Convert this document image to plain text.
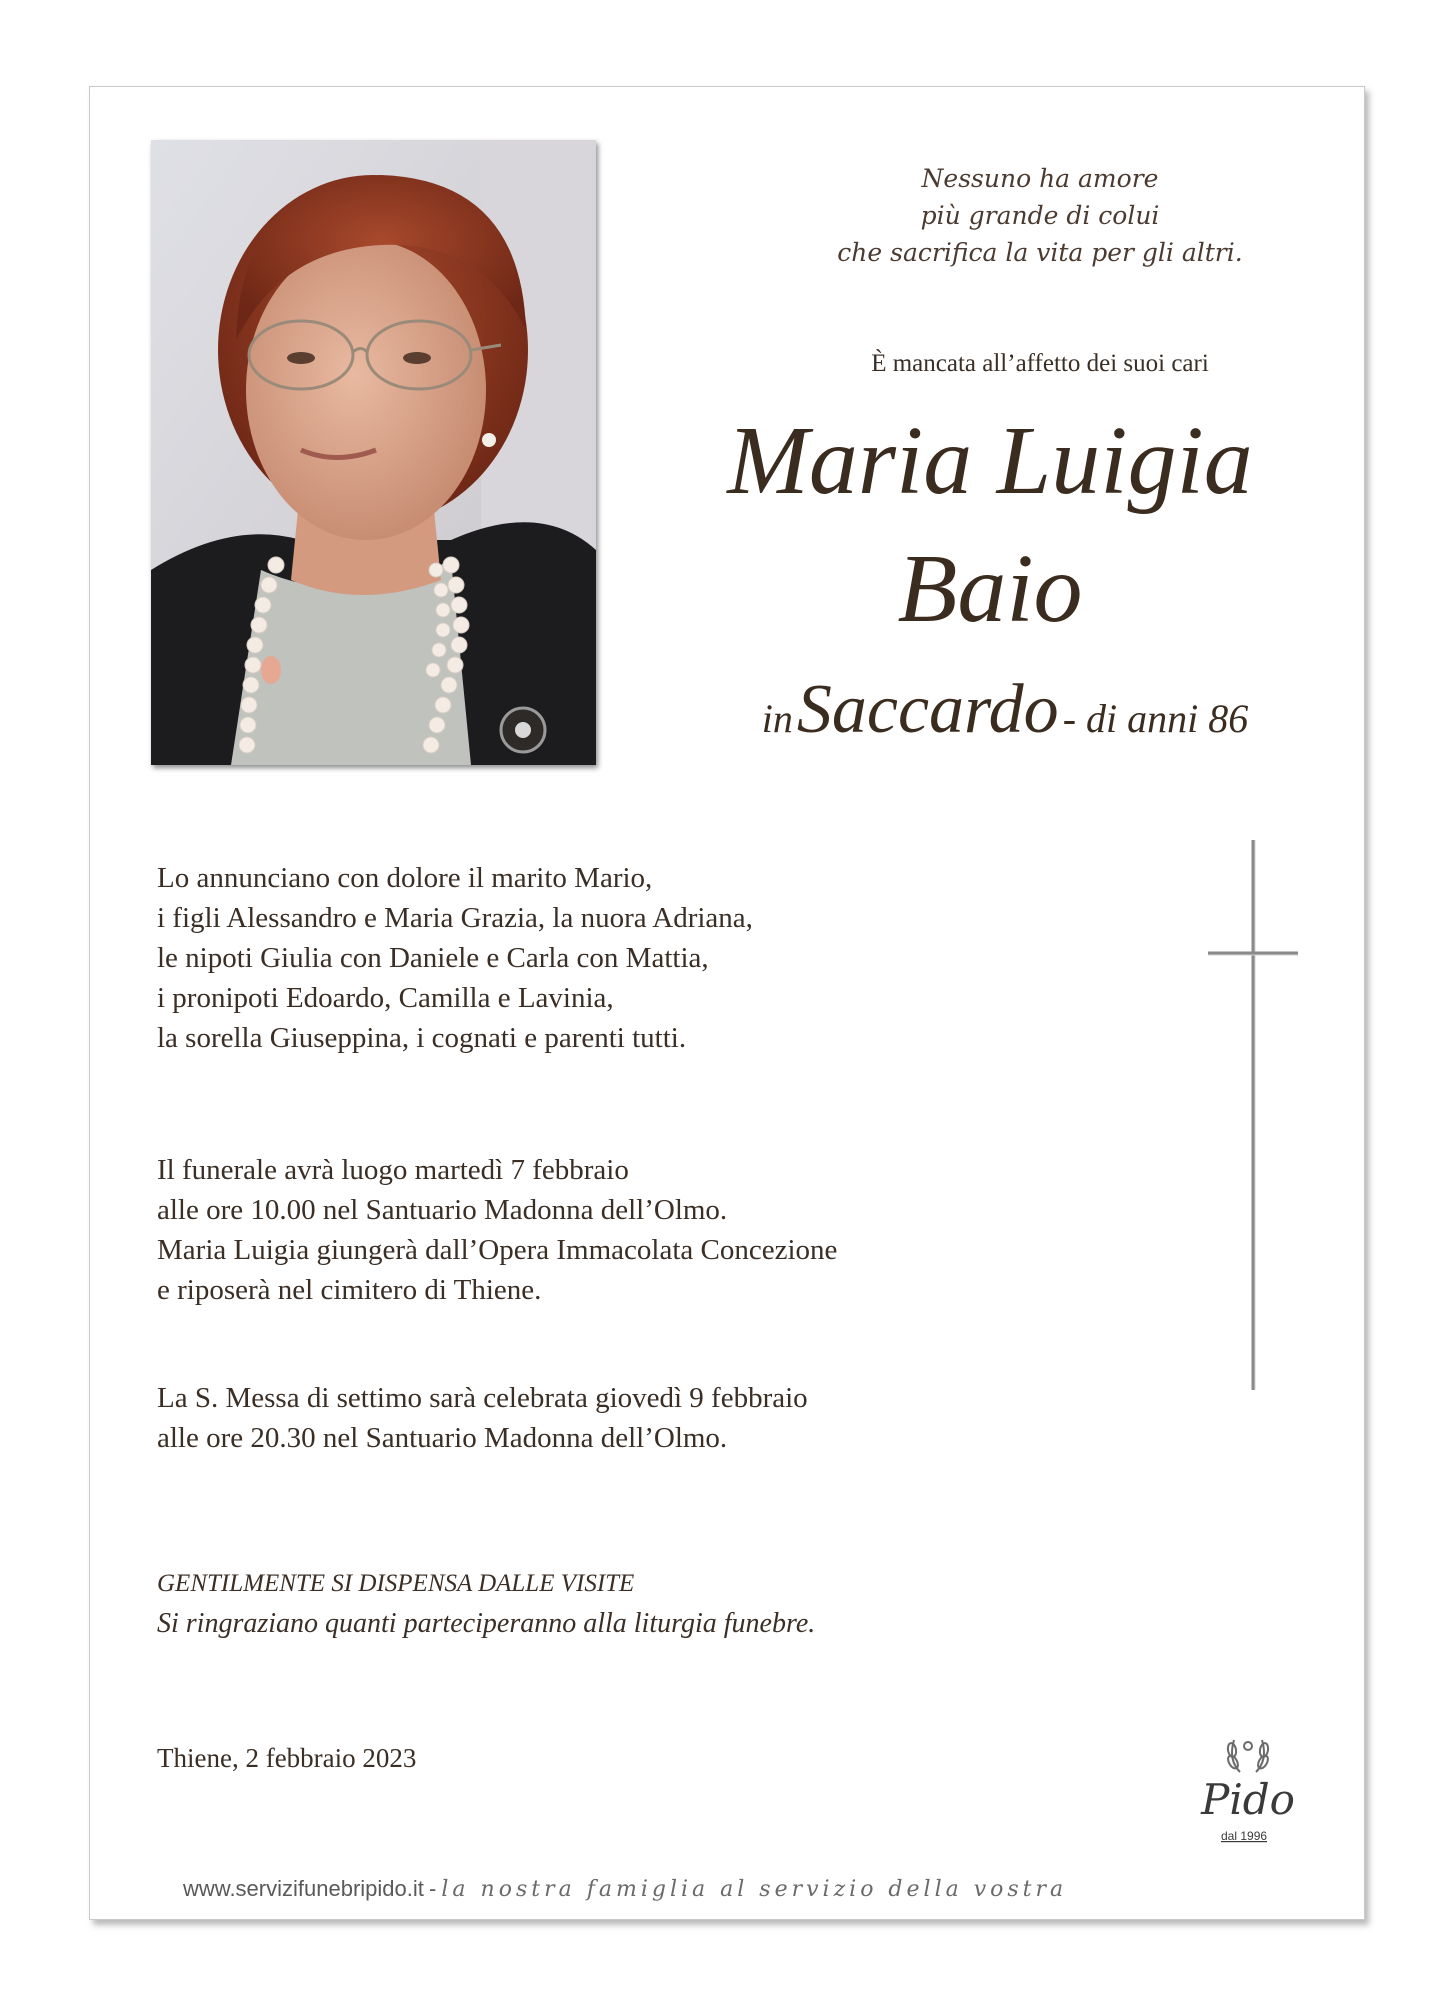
Nessuno ha amore
più grande di colui
che sacrifica la vita per gli altri.
È mancata all’affetto dei suoi cari
Maria Luigia
Baio
in Saccardo - di anni 86
Lo annunciano con dolore il marito Mario,
i figli Alessandro e Maria Grazia, la nuora Adriana,
le nipoti Giulia con Daniele e Carla con Mattia,
i pronipoti Edoardo, Camilla e Lavinia,
la sorella Giuseppina, i cognati e parenti tutti.
Il funerale avrà luogo martedì 7 febbraio
alle ore 10.00 nel Santuario Madonna dell’Olmo.
Maria Luigia giungerà dall’Opera Immacolata Concezione
e riposerà nel cimitero di Thiene.
La S. Messa di settimo sarà celebrata giovedì 9 febbraio
alle ore 20.30 nel Santuario Madonna dell’Olmo.
GENTILMENTE SI DISPENSA DALLE VISITE
Si ringraziano quanti parteciperanno alla liturgia funebre.
Thiene, 2 febbraio 2023
Pido
dal 1996
www.servizifunebripido.it - la nostra famiglia al servizio della vostra
